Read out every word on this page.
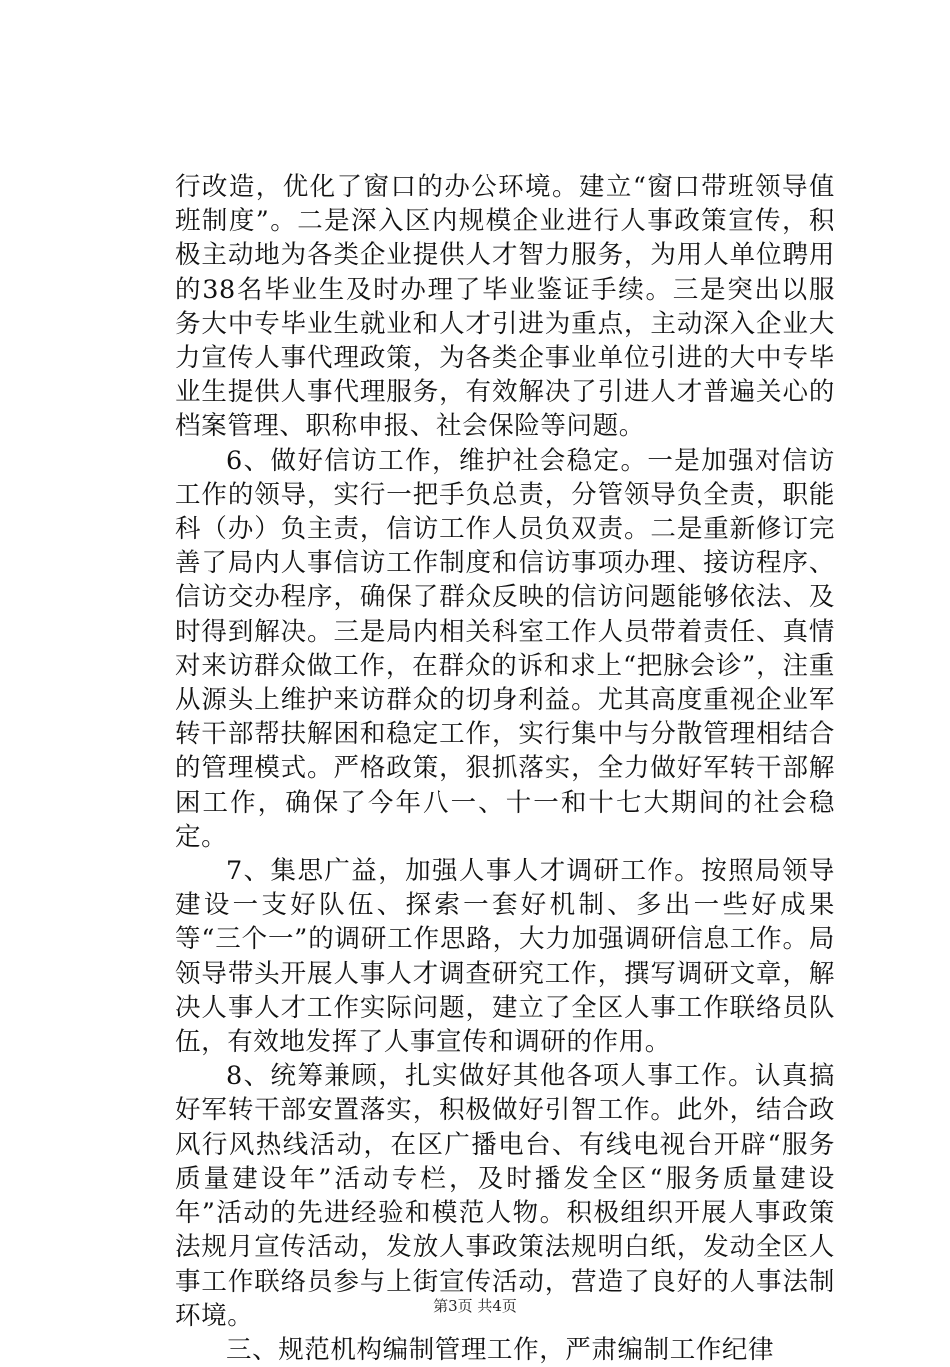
行改造，优化了窗口的办公环境。建立“窗口带班领导值班制度”。二是深入区内规模企业进行人事政策宣传，积极主动地为各类企业提供人才智力服务，为用人单位聘用的38名毕业生及时办理了毕业鉴证手续。三是突出以服务大中专毕业生就业和人才引进为重点，主动深入企业大力宣传人事代理政策，为各类企事业单位引进的大中专毕业生提供人事代理服务，有效解决了引进人才普遍关心的档案管理、职称申报、社会保险等问题。

6、做好信访工作，维护社会稳定。一是加强对信访工作的领导，实行一把手负总责，分管领导负全责，职能科（办）负主责，信访工作人员负双责。二是重新修订完善了局内人事信访工作制度和信访事项办理、接访程序、信访交办程序，确保了群众反映的信访问题能够依法、及时得到解决。三是局内相关科室工作人员带着责任、真情对来访群众做工作，在群众的诉和求上“把脉会诊”，注重从源头上维护来访群众的切身利益。尤其高度重视企业军转干部帮扶解困和稳定工作，实行集中与分散管理相结合的管理模式。严格政策，狠抓落实，全力做好军转干部解困工作，确保了今年八一、十一和十七大期间的社会稳定。

7、集思广益，加强人事人才调研工作。按照局领导建设一支好队伍、探索一套好机制、多出一些好成果等“三个一”的调研工作思路，大力加强调研信息工作。局领导带头开展人事人才调查研究工作，撰写调研文章，解决人事人才工作实际问题，建立了全区人事工作联络员队伍，有效地发挥了人事宣传和调研的作用。

8、统筹兼顾，扎实做好其他各项人事工作。认真搞好军转干部安置落实，积极做好引智工作。此外，结合政风行风热线活动，在区广播电台、有线电视台开辟“服务质量建设年”活动专栏，及时播发全区“服务质量建设年”活动的先进经验和模范人物。积极组织开展人事政策法规月宣传活动，发放人事政策法规明白纸，发动全区人事工作联络员参与上街宣传活动，营造了良好的人事法制环境。

三、规范机构编制管理工作，严肃编制工作纪律

第3页 共4页
